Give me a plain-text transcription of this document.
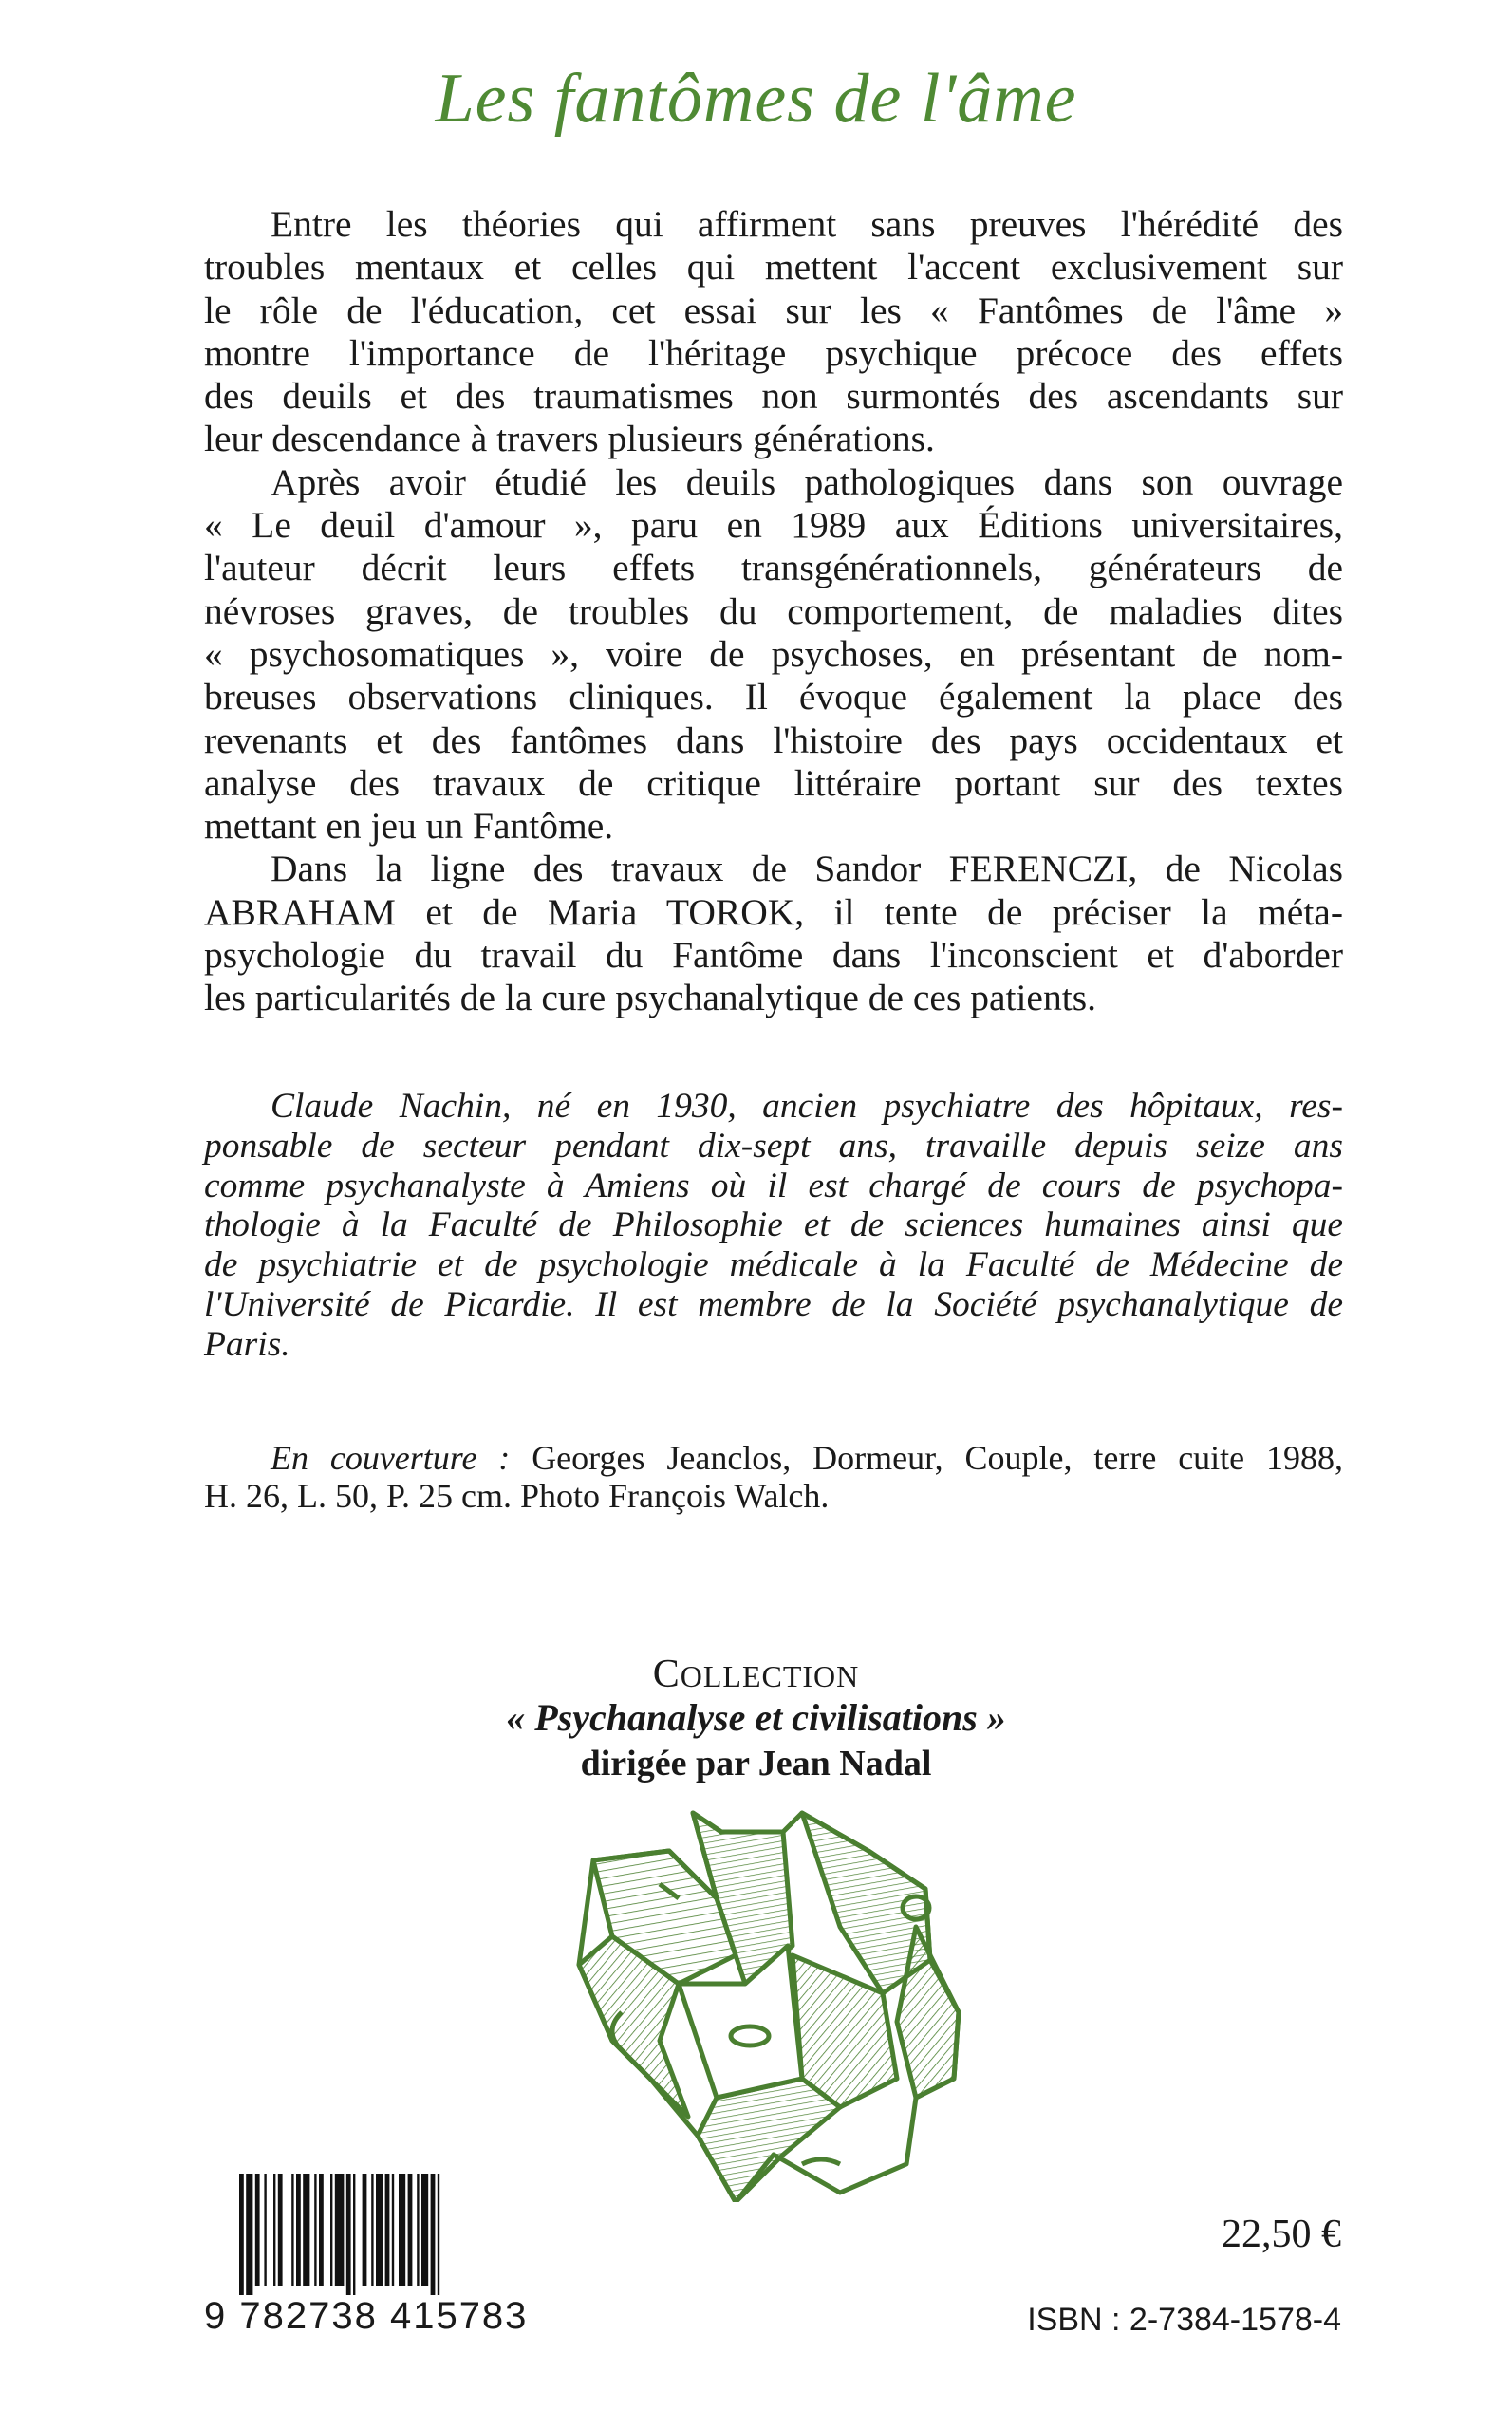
Les fantômes de l'âme
Entre les théories qui affirment sans preuves l'hérédité des
troubles mentaux et celles qui mettent l'accent exclusivement sur
le rôle de l'éducation, cet essai sur les « Fantômes de l'âme »
montre l'importance de l'héritage psychique précoce des effets
des deuils et des traumatismes non surmontés des ascendants sur
leur descendance à travers plusieurs générations.
Après avoir étudié les deuils pathologiques dans son ouvrage
« Le deuil d'amour », paru en 1989 aux Éditions universitaires,
l'auteur décrit leurs effets transgénérationnels, générateurs de
névroses graves, de troubles du comportement, de maladies dites
« psychosomatiques », voire de psychoses, en présentant de nom-
breuses observations cliniques. Il évoque également la place des
revenants et des fantômes dans l'histoire des pays occidentaux et
analyse des travaux de critique littéraire portant sur des textes
mettant en jeu un Fantôme.
Dans la ligne des travaux de Sandor FERENCZI, de Nicolas
ABRAHAM et de Maria TOROK, il tente de préciser la méta-
psychologie du travail du Fantôme dans l'inconscient et d'aborder
les particularités de la cure psychanalytique de ces patients.
Claude Nachin, né en 1930, ancien psychiatre des hôpitaux, res-
ponsable de secteur pendant dix-sept ans, travaille depuis seize ans
comme psychanalyste à Amiens où il est chargé de cours de psychopa-
thologie à la Faculté de Philosophie et de sciences humaines ainsi que
de psychiatrie et de psychologie médicale à la Faculté de Médecine de
l'Université de Picardie. Il est membre de la Société psychanalytique de
Paris.
En couverture : Georges Jeanclos, Dormeur, Couple, terre cuite 1988,
H. 26, L. 50, P. 25 cm. Photo François Walch.
COLLECTION
« Psychanalyse et civilisations »
dirigée par Jean Nadal
9 782738 415783
22,50 €
ISBN : 2-7384-1578-4
